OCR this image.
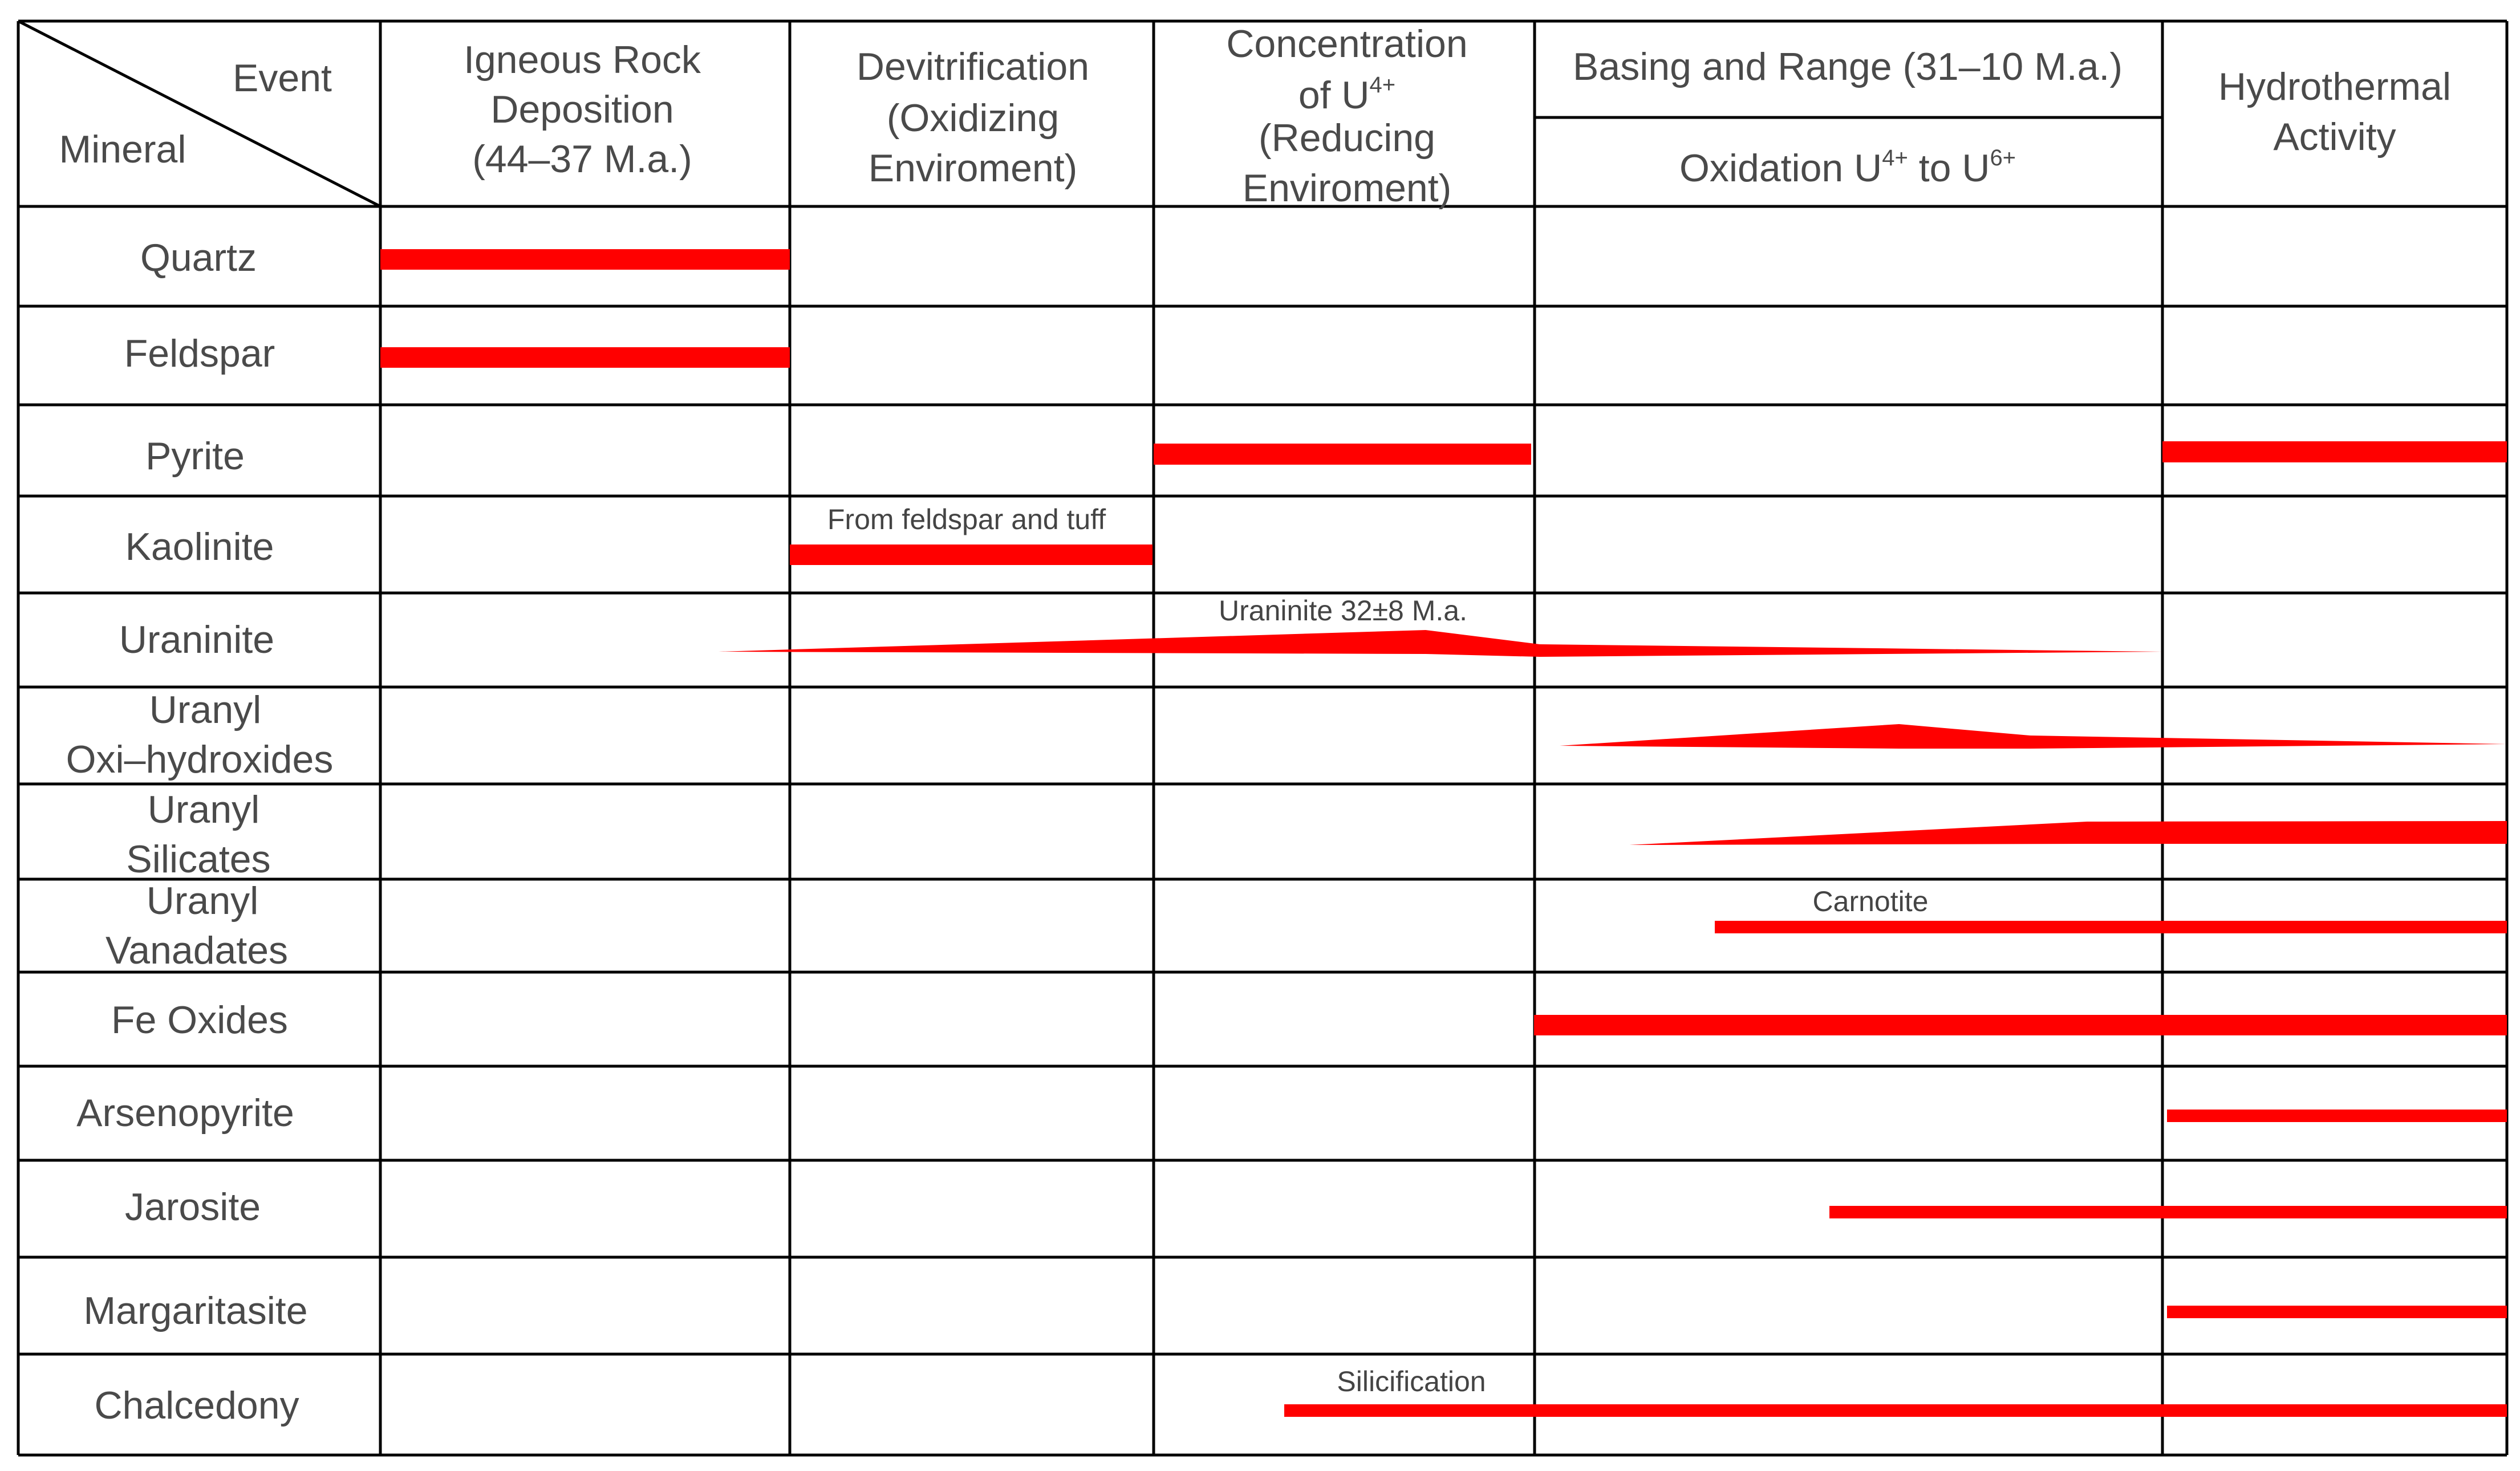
Event
Mineral
Igneous Rock
Deposition
(44–37 M.a.)
Devitrification
(Oxidizing
Enviroment)
Concentration
of $U^{4+}$
(Reducing
Enviroment)
Basing and Range (31–10 M.a.)
Oxidation $U^{4+}$ to $U^{6+}$
Hydrothermal
Activity
Quartz
Feldspar
Pyrite
Kaolinite
Uraninite
Uranyl
Oxi–hydroxides
Uranyl
Silicates
Uranyl
Vanadates
Fe Oxides
Arsenopyrite
Jarosite
Margaritasite
Chalcedony
From feldspar and tuff
Uraninite 32±8 M.a.
Carnotite
Silicification
